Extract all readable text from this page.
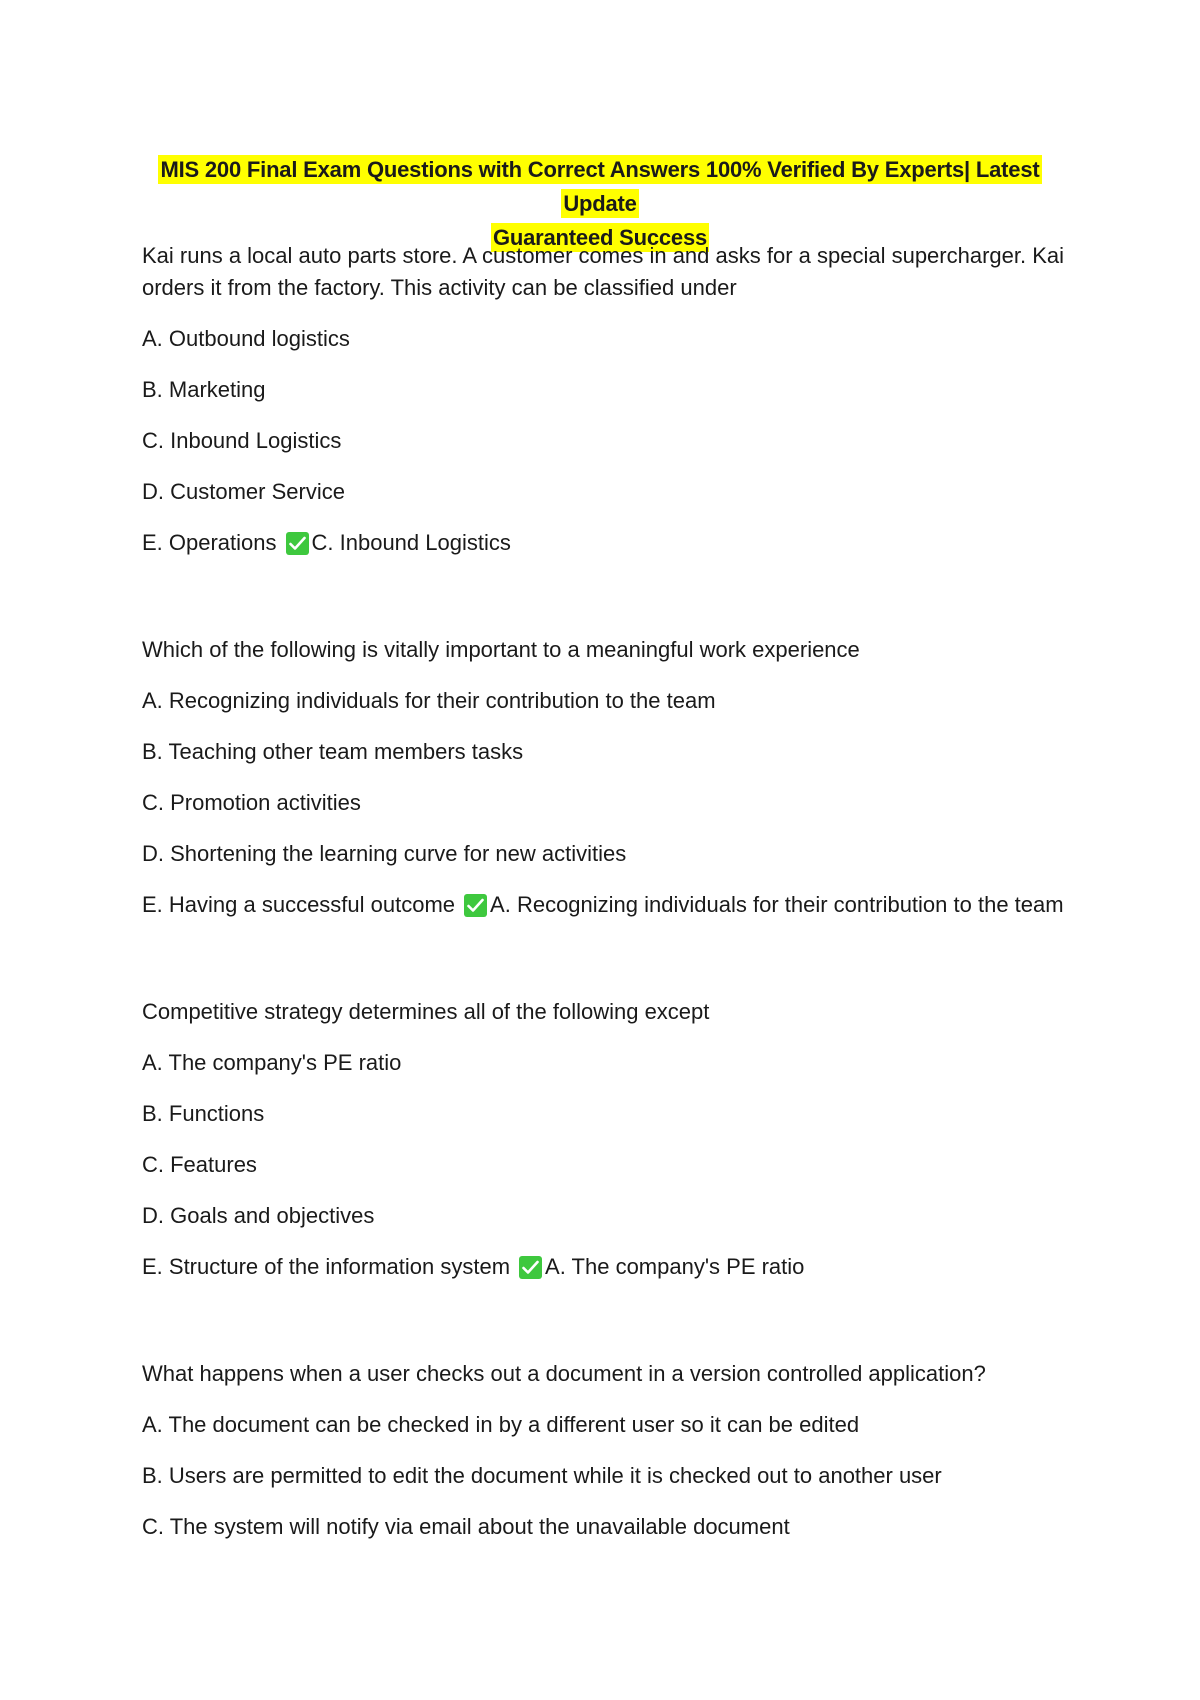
MIS 200 Final Exam Questions with Correct Answers 100% Verified By Experts| Latest Update
Guaranteed Success

Kai runs a local auto parts store. A customer comes in and asks for a special supercharger. Kai orders it from the factory. This activity can be classified under

A. Outbound logistics

B. Marketing

C. Inbound Logistics

D. Customer Service

E. Operations C. Inbound Logistics

Which of the following is vitally important to a meaningful work experience

A. Recognizing individuals for their contribution to the team

B. Teaching other team members tasks

C. Promotion activities

D. Shortening the learning curve for new activities

E. Having a successful outcome A. Recognizing individuals for their contribution to the team

Competitive strategy determines all of the following except

A. The company's PE ratio

B. Functions

C. Features

D. Goals and objectives

E. Structure of the information system A. The company's PE ratio

What happens when a user checks out a document in a version controlled application?

A. The document can be checked in by a different user so it can be edited

B. Users are permitted to edit the document while it is checked out to another user

C. The system will notify via email about the unavailable document
